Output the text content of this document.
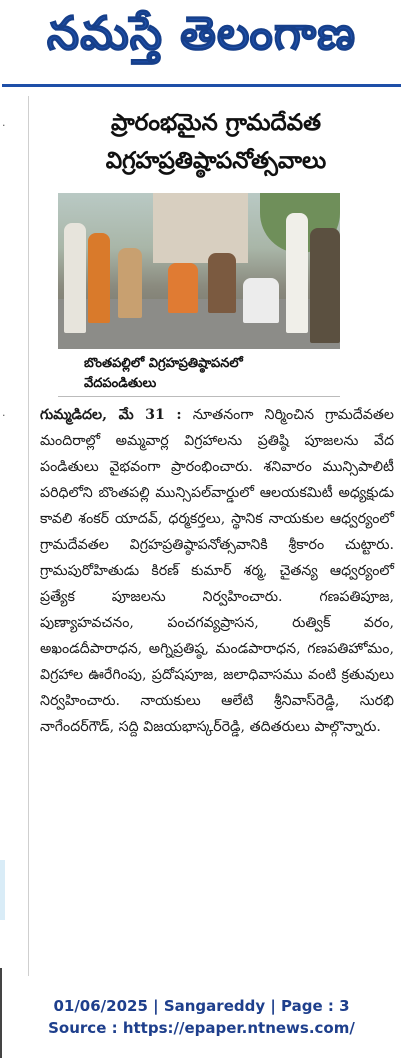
నమస్తే తెలంగాణ
·
·
ప్రారంభమైన గ్రామదేవత
విగ్రహప్రతిష్ఠాపనోత్సవాలు
బొంతపల్లిలో విగ్రహప్రతిష్ఠాపనలో
వేదపండితులు
గుమ్మడిదల, మే 31 : నూతనంగా నిర్మించిన గ్రామదేవతల మందిరాల్లో అమ్మవార్ల విగ్రహాలను ప్రతిష్ఠి పూజలను వేద పండితులు వైభవంగా ప్రారంభించారు. శనివారం మున్సిపాలిటీ పరిధిలోని బొంతపల్లి మున్సిపల్‌వార్డులో ఆలయకమిటీ అధ్యక్షుడు కావలి శంకర్ యాదవ్, ధర్మకర్తలు, స్థానిక నాయకుల ఆధ్వర్యంలో గ్రామదేవతల విగ్రహప్రతిష్ఠాపనోత్సవానికి శ్రీకారం చుట్టారు. గ్రామపురోహితుడు కిరణ్ కుమార్ శర్మ, చైతన్య ఆధ్వర్యంలో ప్రత్యేక పూజలను నిర్వహించారు. గణపతిపూజ, పుణ్యాహవచనం, పంచగవ్యప్రాసన, రుత్విక్ వరం, అఖండదీపారాధన, అగ్నిప్రతిష్ఠ, మండపారాధన, గణపతిహోమం, విగ్రహాల ఊరేగింపు, ప్రదోషపూజ, జలాధివాసము వంటి క్రతువులు నిర్వహించారు. నాయకులు ఆలేటి శ్రీనివాస్‌రెడ్డి, సురభి నాగేందర్‌గౌడ్, సద్ది విజయభాస్కర్‌రెడ్డి, తదితరులు పాల్గొన్నారు.
01/06/2025 | Sangareddy | Page : 3
Source : https://epaper.ntnews.com/
